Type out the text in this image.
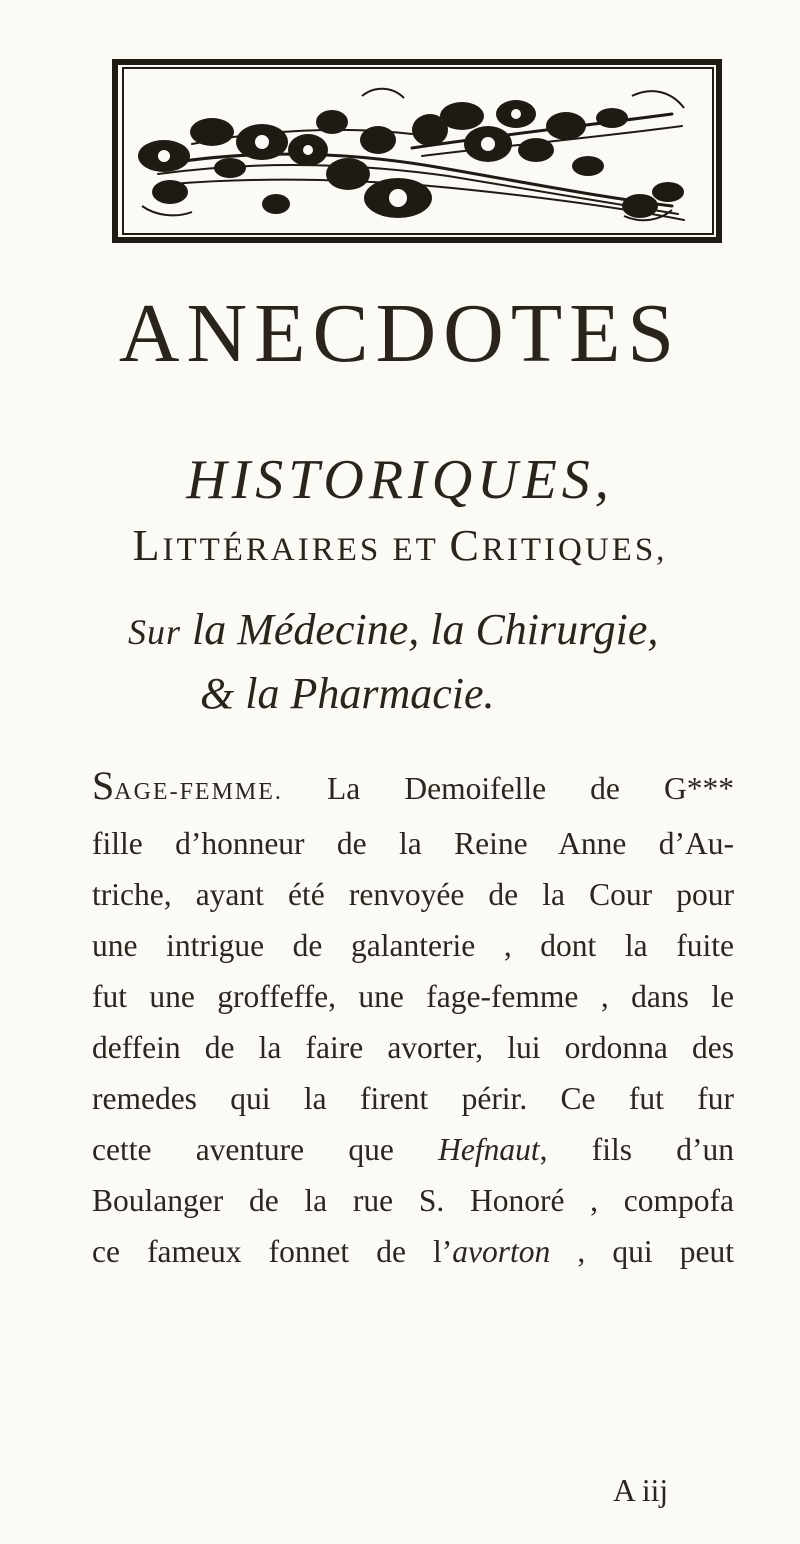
ANECDOTES
HISTORIQUES,
LITTÉRAIRES ET CRITIQUES,
Sur la Médecine, la Chirurgie,
& la Pharmacie.
SAGE-FEMME. La Demoifelle de G***
fille d’honneur de la Reine Anne d’Au-
triche, ayant été renvoyée de la Cour pour
une intrigue de galanterie , dont la fuite
fut une groffeffe, une fage-femme , dans le
deffein de la faire avorter, lui ordonna des
remedes qui la firent périr. Ce fut fur
cette aventure que Hefnaut, fils d’un
Boulanger de la rue S. Honoré , compofa
ce fameux fonnet de l’avorton , qui peut
A iij
